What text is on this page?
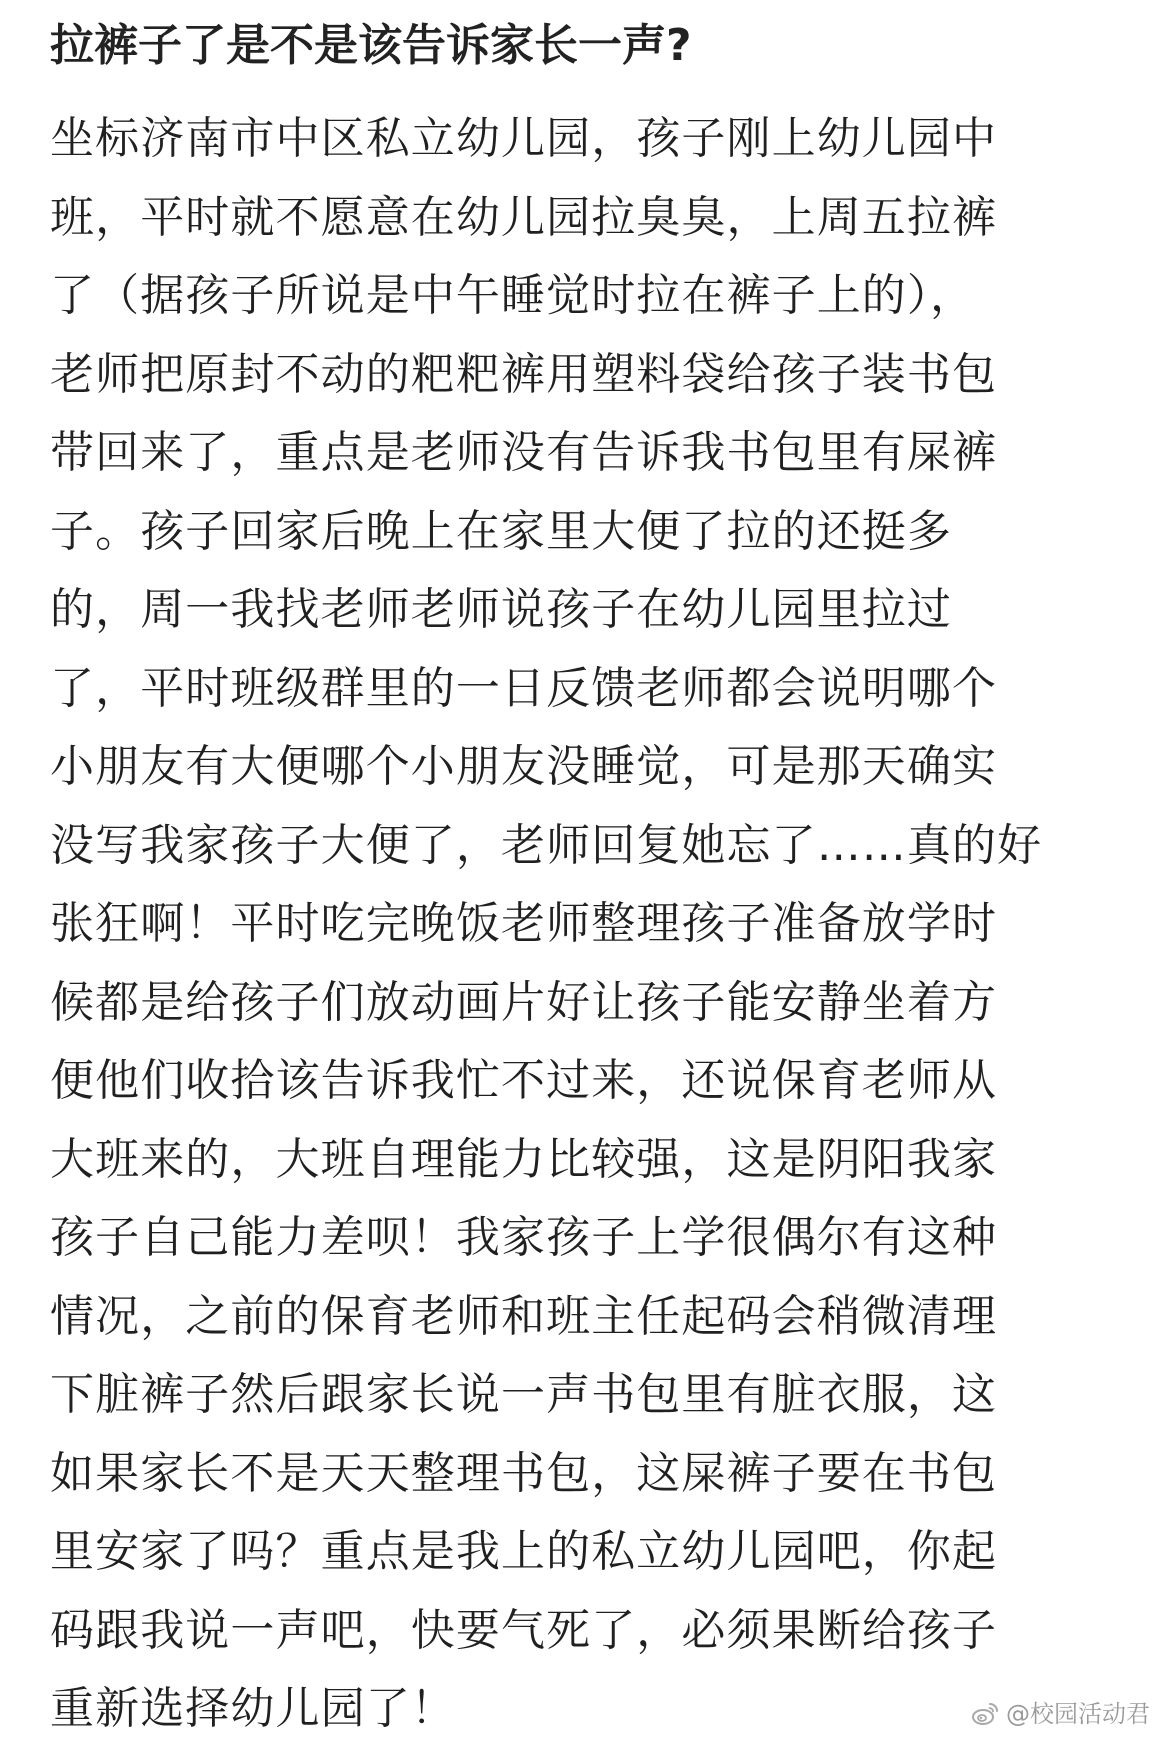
拉裤子了是不是该告诉家长一声?
坐标济南市中区私立幼儿园，孩子刚上幼儿园中
班，平时就不愿意在幼儿园拉臭臭，上周五拉裤
了（据孩子所说是中午睡觉时拉在裤子上的），
老师把原封不动的粑粑裤用塑料袋给孩子装书包
带回来了，重点是老师没有告诉我书包里有屎裤
子。孩子回家后晚上在家里大便了拉的还挺多
的，周一我找老师老师说孩子在幼儿园里拉过
了，平时班级群里的一日反馈老师都会说明哪个
小朋友有大便哪个小朋友没睡觉，可是那天确实
没写我家孩子大便了，老师回复她忘了……真的好
张狂啊！平时吃完晚饭老师整理孩子准备放学时
候都是给孩子们放动画片好让孩子能安静坐着方
便他们收拾该告诉我忙不过来，还说保育老师从
大班来的，大班自理能力比较强，这是阴阳我家
孩子自己能力差呗！我家孩子上学很偶尔有这种
情况，之前的保育老师和班主任起码会稍微清理
下脏裤子然后跟家长说一声书包里有脏衣服，这
如果家长不是天天整理书包，这屎裤子要在书包
里安家了吗？重点是我上的私立幼儿园吧，你起
码跟我说一声吧，快要气死了，必须果断给孩子
重新选择幼儿园了！	@校园活动君
